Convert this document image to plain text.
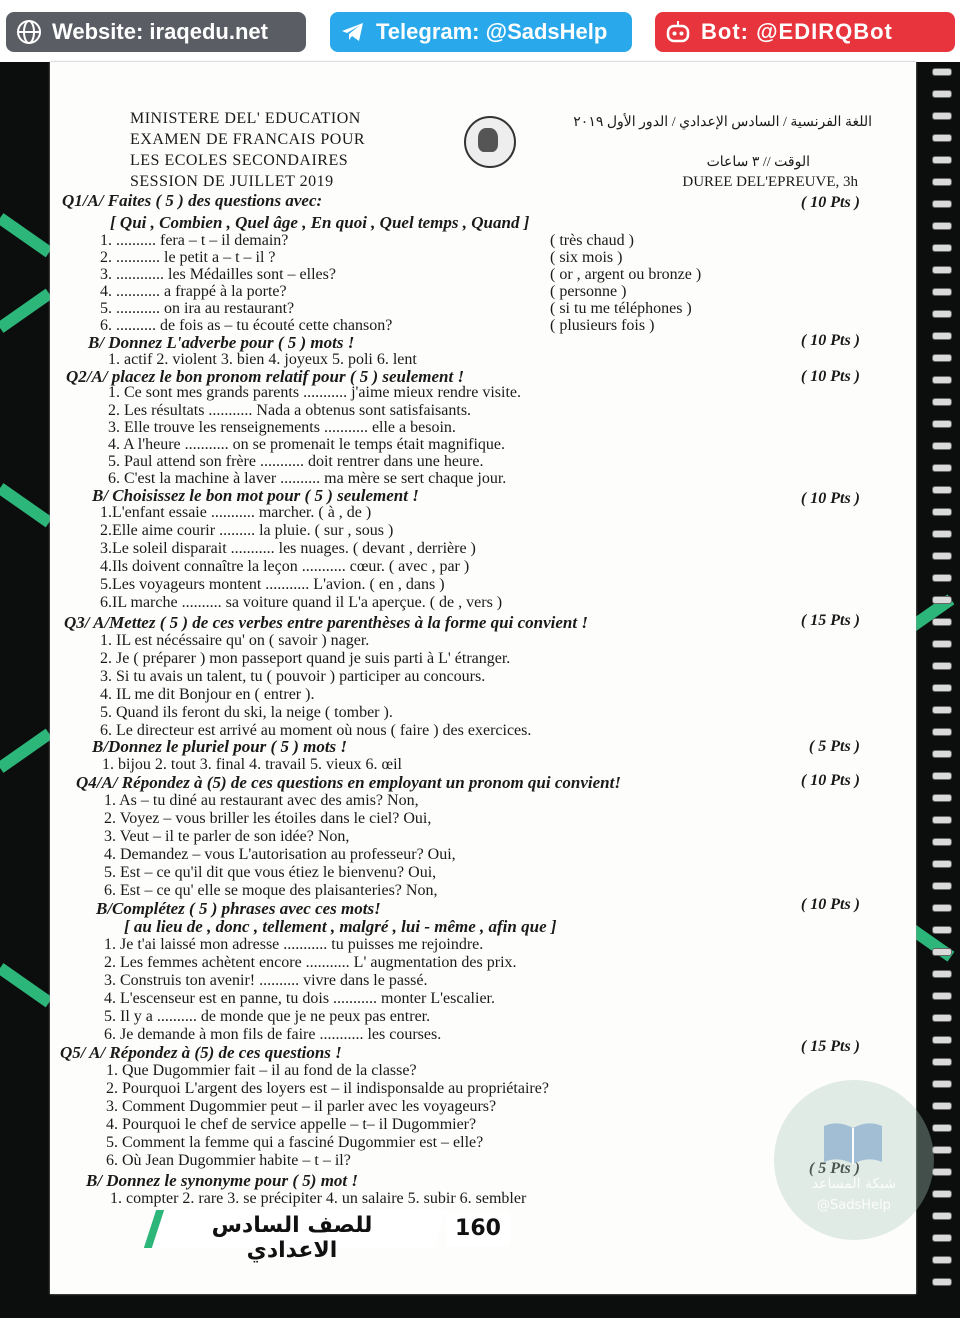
Website: iraqedu.net	Telegram: @SadsHelp	Bot: @EDIRQBot
MINISTERE DEL' EDUCATION
EXAMEN DE FRANCAIS POUR
LES ECOLES SECONDAIRES
SESSION DE JUILLET 2019
اللغة الفرنسية / السادس الإعدادي / الدور الأول ٢٠١٩
الوقت // ٣ ساعات
DUREE DEL'EPREUVE, 3h
Q1/A/ Faites ( 5 ) des questions avec:
[ Qui , Combien , Quel âge , En quoi , Quel temps , Quand ]
1. .......... fera – t – il demain?	( très chaud )
2. ........... le petit a – t – il ?	( six mois )
3. ............ les Médailles sont – elles?	( or , argent ou bronze )
4. ........... a frappé à la porte?	( personne )
5. ........... on ira au restaurant?	( si tu me téléphones )
6. .......... de fois as – tu écouté cette chanson?	( plusieurs fois )
B/ Donnez L'adverbe pour ( 5 ) mots !
1. actif 2. violent 3. bien 4. joyeux 5. poli 6. lent
Q2/A/ placez le bon pronom relatif pour ( 5 ) seulement !
1. Ce sont mes grands parents ........... j'aime mieux rendre visite.
2. Les résultats ........... Nada a obtenus sont satisfaisants.
3. Elle trouve les renseignements ........... elle a besoin.
4. A l'heure ........... on se promenait le temps était magnifique.
5. Paul attend son frère ........... doit rentrer dans une heure.
6. C'est la machine à laver .......... ma mère se sert chaque jour.
B/ Choisissez le bon mot pour ( 5 ) seulement !
1.L'enfant essaie ........... marcher. ( à , de )
2.Elle aime courir ......... la pluie. ( sur , sous )
3.Le soleil disparait ........... les nuages. ( devant , derrière )
4.Ils doivent connaître la leçon ........... cœur. ( avec , par )
5.Les voyageurs montent ........... L'avion. ( en , dans )
6.IL marche .......... sa voiture quand il L'a aperçue. ( de , vers )
Q3/ A/Mettez ( 5 ) de ces verbes entre parenthèses à la forme qui convient !
1. IL est nécéssaire qu' on ( savoir ) nager.
2. Je ( préparer ) mon passeport quand je suis parti à L' étranger.
3. Si tu avais un talent, tu ( pouvoir ) participer au concours.
4. IL me dit Bonjour en ( entrer ).
5. Quand ils feront du ski, la neige ( tomber ).
6. Le directeur est arrivé au moment où nous ( faire ) des exercices.
B/Donnez le pluriel pour ( 5 ) mots !
1. bijou 2. tout 3. final 4. travail 5. vieux 6. œil
Q4/A/ Répondez à (5) de ces questions en employant un pronom qui convient!
1. As – tu diné au restaurant avec des amis? Non,
2. Voyez – vous briller les étoiles dans le ciel? Oui,
3. Veut – il te parler de son idée? Non,
4. Demandez – vous L'autorisation au professeur? Oui,
5. Est – ce qu'il dit que vous étiez le bienvenu? Oui,
6. Est – ce qu' elle se moque des plaisanteries? Non,
B/Complétez ( 5 ) phrases avec ces mots!
[ au lieu de , donc , tellement , malgré , lui - même , afin que ]
1. Je t'ai laissé mon adresse ........... tu puisses me rejoindre.
2. Les femmes achètent encore ........... L' augmentation des prix.
3. Construis ton avenir! .......... vivre dans le passé.
4. L'escenseur est en panne, tu dois ........... monter L'escalier.
5. Il y a .......... de monde que je ne peux pas entrer.
6. Je demande à mon fils de faire ........... les courses.
Q5/ A/ Répondez à (5) de ces questions !
1. Que Dugommier fait – il au fond de la classe?
2. Pourquoi L'argent des loyers est – il indisponsalde au propriétaire?
3. Comment Dugommier peut – il parler avec les voyageurs?
4. Pourquoi le chef de service appelle – t– il Dugommier?
5. Comment la femme qui a fasciné Dugommier est – elle?
6. Où Jean Dugommier habite – t – il?
B/ Donnez le synonyme pour ( 5) mot !
1. compter 2. rare 3. se précipiter 4. un salaire 5. subir 6. sembler
( 10 Pts )
( 10 Pts )
( 10 Pts )
( 10 Pts )
( 15 Pts )
( 5 Pts )
( 10 Pts )
( 10 Pts )
( 15 Pts )
( 5 Pts )
للصف السادس الاعدادي
160
شبكة المساعد
@SadsHelp
